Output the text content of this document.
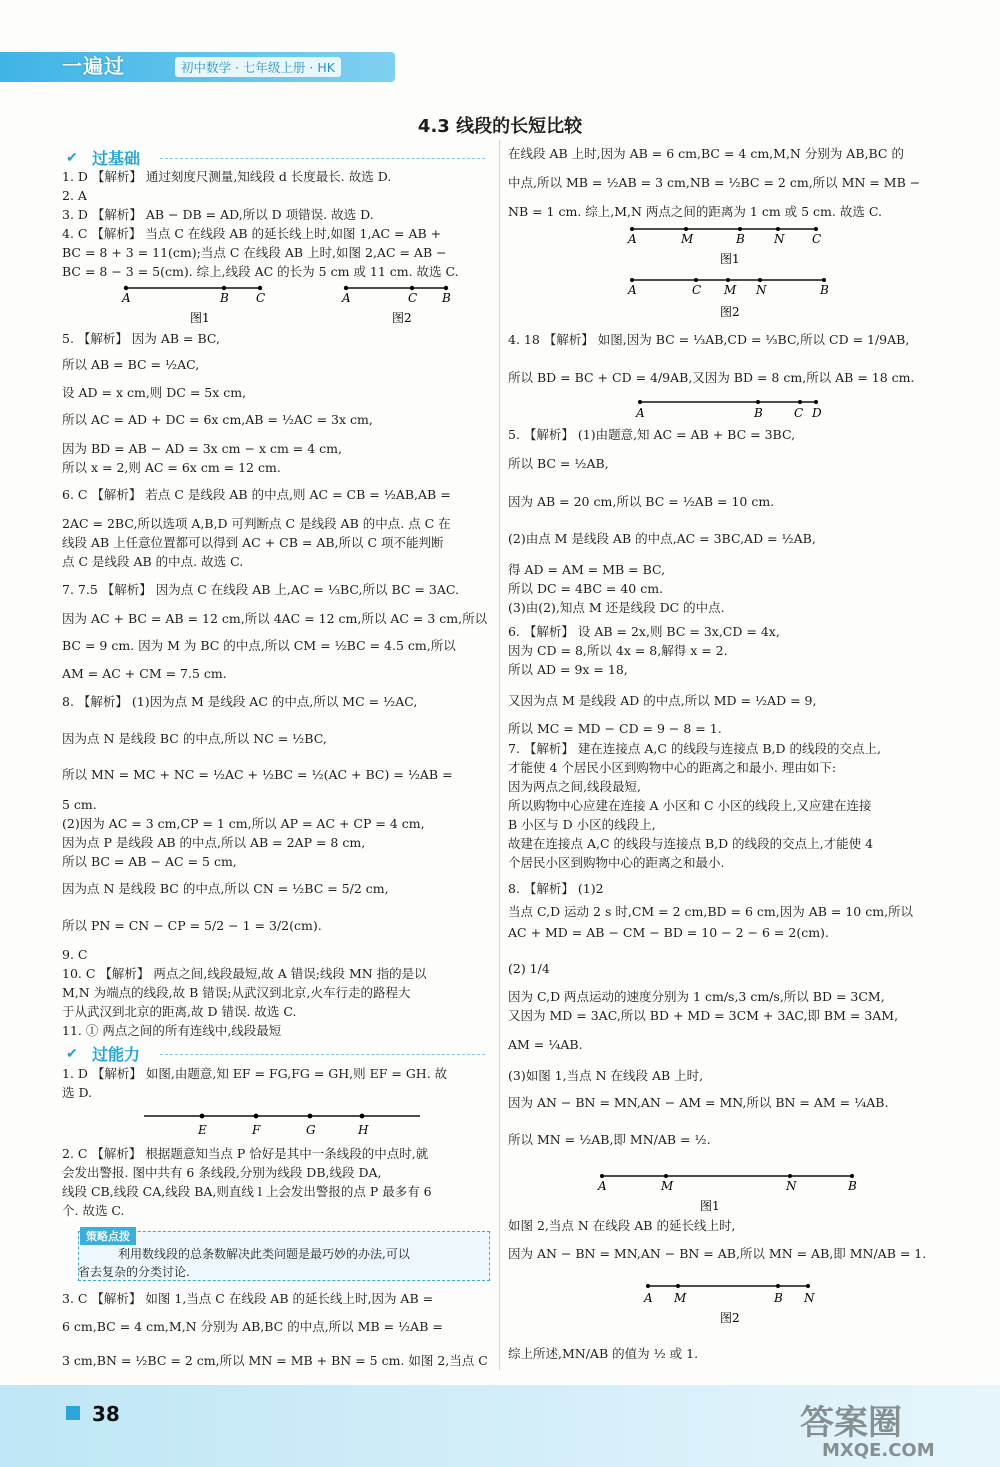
一遍过	初中数学 · 七年级上册 · HK
4.3 线段的长短比较
过基础
✔
过能力
✔
1. D 【解析】 通过刻度尺测量,知线段 d 长度最长. 故选 D.
2. A
3. D 【解析】 AB − DB = AD,所以 D 项错误. 故选 D.
4. C 【解析】 当点 C 在线段 AB 的延长线上时,如图 1,AC = AB +
BC = 8 + 3 = 11(cm);当点 C 在线段 AB 上时,如图 2,AC = AB −
BC = 8 − 3 = 5(cm). 综上,线段 AC 的长为 5 cm 或 11 cm. 故选 C.
5. 【解析】 因为 AB = BC,
所以 AB = BC = ½AC,
设 AD = x cm,则 DC = 5x cm,
所以 AC = AD + DC = 6x cm,AB = ½AC = 3x cm,
因为 BD = AB − AD = 3x cm − x cm = 4 cm,
所以 x = 2,则 AC = 6x cm = 12 cm.
6. C 【解析】 若点 C 是线段 AB 的中点,则 AC = CB = ½AB,AB =
2AC = 2BC,所以选项 A,B,D 可判断点 C 是线段 AB 的中点. 点 C 在
线段 AB 上任意位置都可以得到 AC + CB = AB,所以 C 项不能判断
点 C 是线段 AB 的中点. 故选 C.
7. 7.5 【解析】 因为点 C 在线段 AB 上,AC = ⅓BC,所以 BC = 3AC.
因为 AC + BC = AB = 12 cm,所以 4AC = 12 cm,所以 AC = 3 cm,所以
BC = 9 cm. 因为 M 为 BC 的中点,所以 CM = ½BC = 4.5 cm,所以
AM = AC + CM = 7.5 cm.
8. 【解析】 (1)因为点 M 是线段 AC 的中点,所以 MC = ½AC,
因为点 N 是线段 BC 的中点,所以 NC = ½BC,
所以 MN = MC + NC = ½AC + ½BC = ½(AC + BC) = ½AB =
5 cm.
(2)因为 AC = 3 cm,CP = 1 cm,所以 AP = AC + CP = 4 cm,
因为点 P 是线段 AB 的中点,所以 AB = 2AP = 8 cm,
所以 BC = AB − AC = 5 cm,
因为点 N 是线段 BC 的中点,所以 CN = ½BC = 5/2 cm,
所以 PN = CN − CP = 5/2 − 1 = 3/2(cm).
9. C
10. C 【解析】 两点之间,线段最短,故 A 错误;线段 MN 指的是以
M,N 为端点的线段,故 B 错误;从武汉到北京,火车行走的路程大
于从武汉到北京的距离,故 D 错误. 故选 C.
11. ① 两点之间的所有连线中,线段最短
1. D 【解析】 如图,由题意,知 EF = FG,FG = GH,则 EF = GH. 故
选 D.
2. C 【解析】 根据题意知当点 P 恰好是其中一条线段的中点时,就
会发出警报. 图中共有 6 条线段,分别为线段 DB,线段 DA,
线段 CB,线段 CA,线段 BA,则直线 l 上会发出警报的点 P 最多有 6
个. 故选 C.
3. C 【解析】 如图 1,当点 C 在线段 AB 的延长线上时,因为 AB =
6 cm,BC = 4 cm,M,N 分别为 AB,BC 的中点,所以 MB = ½AB =
3 cm,BN = ½BC = 2 cm,所以 MN = MB + BN = 5 cm. 如图 2,当点 C
在线段 AB 上时,因为 AB = 6 cm,BC = 4 cm,M,N 分别为 AB,BC 的
中点,所以 MB = ½AB = 3 cm,NB = ½BC = 2 cm,所以 MN = MB −
NB = 1 cm. 综上,M,N 两点之间的距离为 1 cm 或 5 cm. 故选 C.
4. 18 【解析】 如图,因为 BC = ⅓AB,CD = ⅓BC,所以 CD = 1/9AB,
所以 BD = BC + CD = 4/9AB,又因为 BD = 8 cm,所以 AB = 18 cm.
5. 【解析】 (1)由题意,知 AC = AB + BC = 3BC,
所以 BC = ½AB,
因为 AB = 20 cm,所以 BC = ½AB = 10 cm.
(2)由点 M 是线段 AB 的中点,AC = 3BC,AD = ½AB,
得 AD = AM = MB = BC,
所以 DC = 4BC = 40 cm.
(3)由(2),知点 M 还是线段 DC 的中点.
6. 【解析】 设 AB = 2x,则 BC = 3x,CD = 4x,
因为 CD = 8,所以 4x = 8,解得 x = 2.
所以 AD = 9x = 18,
又因为点 M 是线段 AD 的中点,所以 MD = ½AD = 9,
所以 MC = MD − CD = 9 − 8 = 1.
7. 【解析】 建在连接点 A,C 的线段与连接点 B,D 的线段的交点上,
才能使 4 个居民小区到购物中心的距离之和最小. 理由如下:
因为两点之间,线段最短,
所以购物中心应建在连接 A 小区和 C 小区的线段上,又应建在连接
B 小区与 D 小区的线段上,
故建在连接点 A,C 的线段与连接点 B,D 的线段的交点上,才能使 4
个居民小区到购物中心的距离之和最小.
8. 【解析】 (1)2
当点 C,D 运动 2 s 时,CM = 2 cm,BD = 6 cm,因为 AB = 10 cm,所以
AC + MD = AB − CM − BD = 10 − 2 − 6 = 2(cm).
(2) 1/4
因为 C,D 两点运动的速度分别为 1 cm/s,3 cm/s,所以 BD = 3CM,
又因为 MD = 3AC,所以 BD + MD = 3CM + 3AC,即 BM = 3AM,
AM = ¼AB.
(3)如图 1,当点 N 在线段 AB 上时,
因为 AN − BN = MN,AN − AM = MN,所以 BN = AM = ¼AB.
所以 MN = ½AB,即 MN/AB = ½.
如图 2,当点 N 在线段 AB 的延长线上时,
因为 AN − BN = MN,AN − BN = AB,所以 MN = AB,即 MN/AB = 1.
综上所述,MN/AB 的值为 ½ 或 1.
策略点拨
利用数线段的总条数解决此类问题是最巧妙的办法,可以
省去复杂的分类讨论.
A	B C
图1
A	C B
图2
A	M	B N C
图1
A	C M N	B
图2
A	B	C D
E	F	G	H
A	M	N	B
图1
A M	B N
图2
38	答案圈
MXQE.COM
